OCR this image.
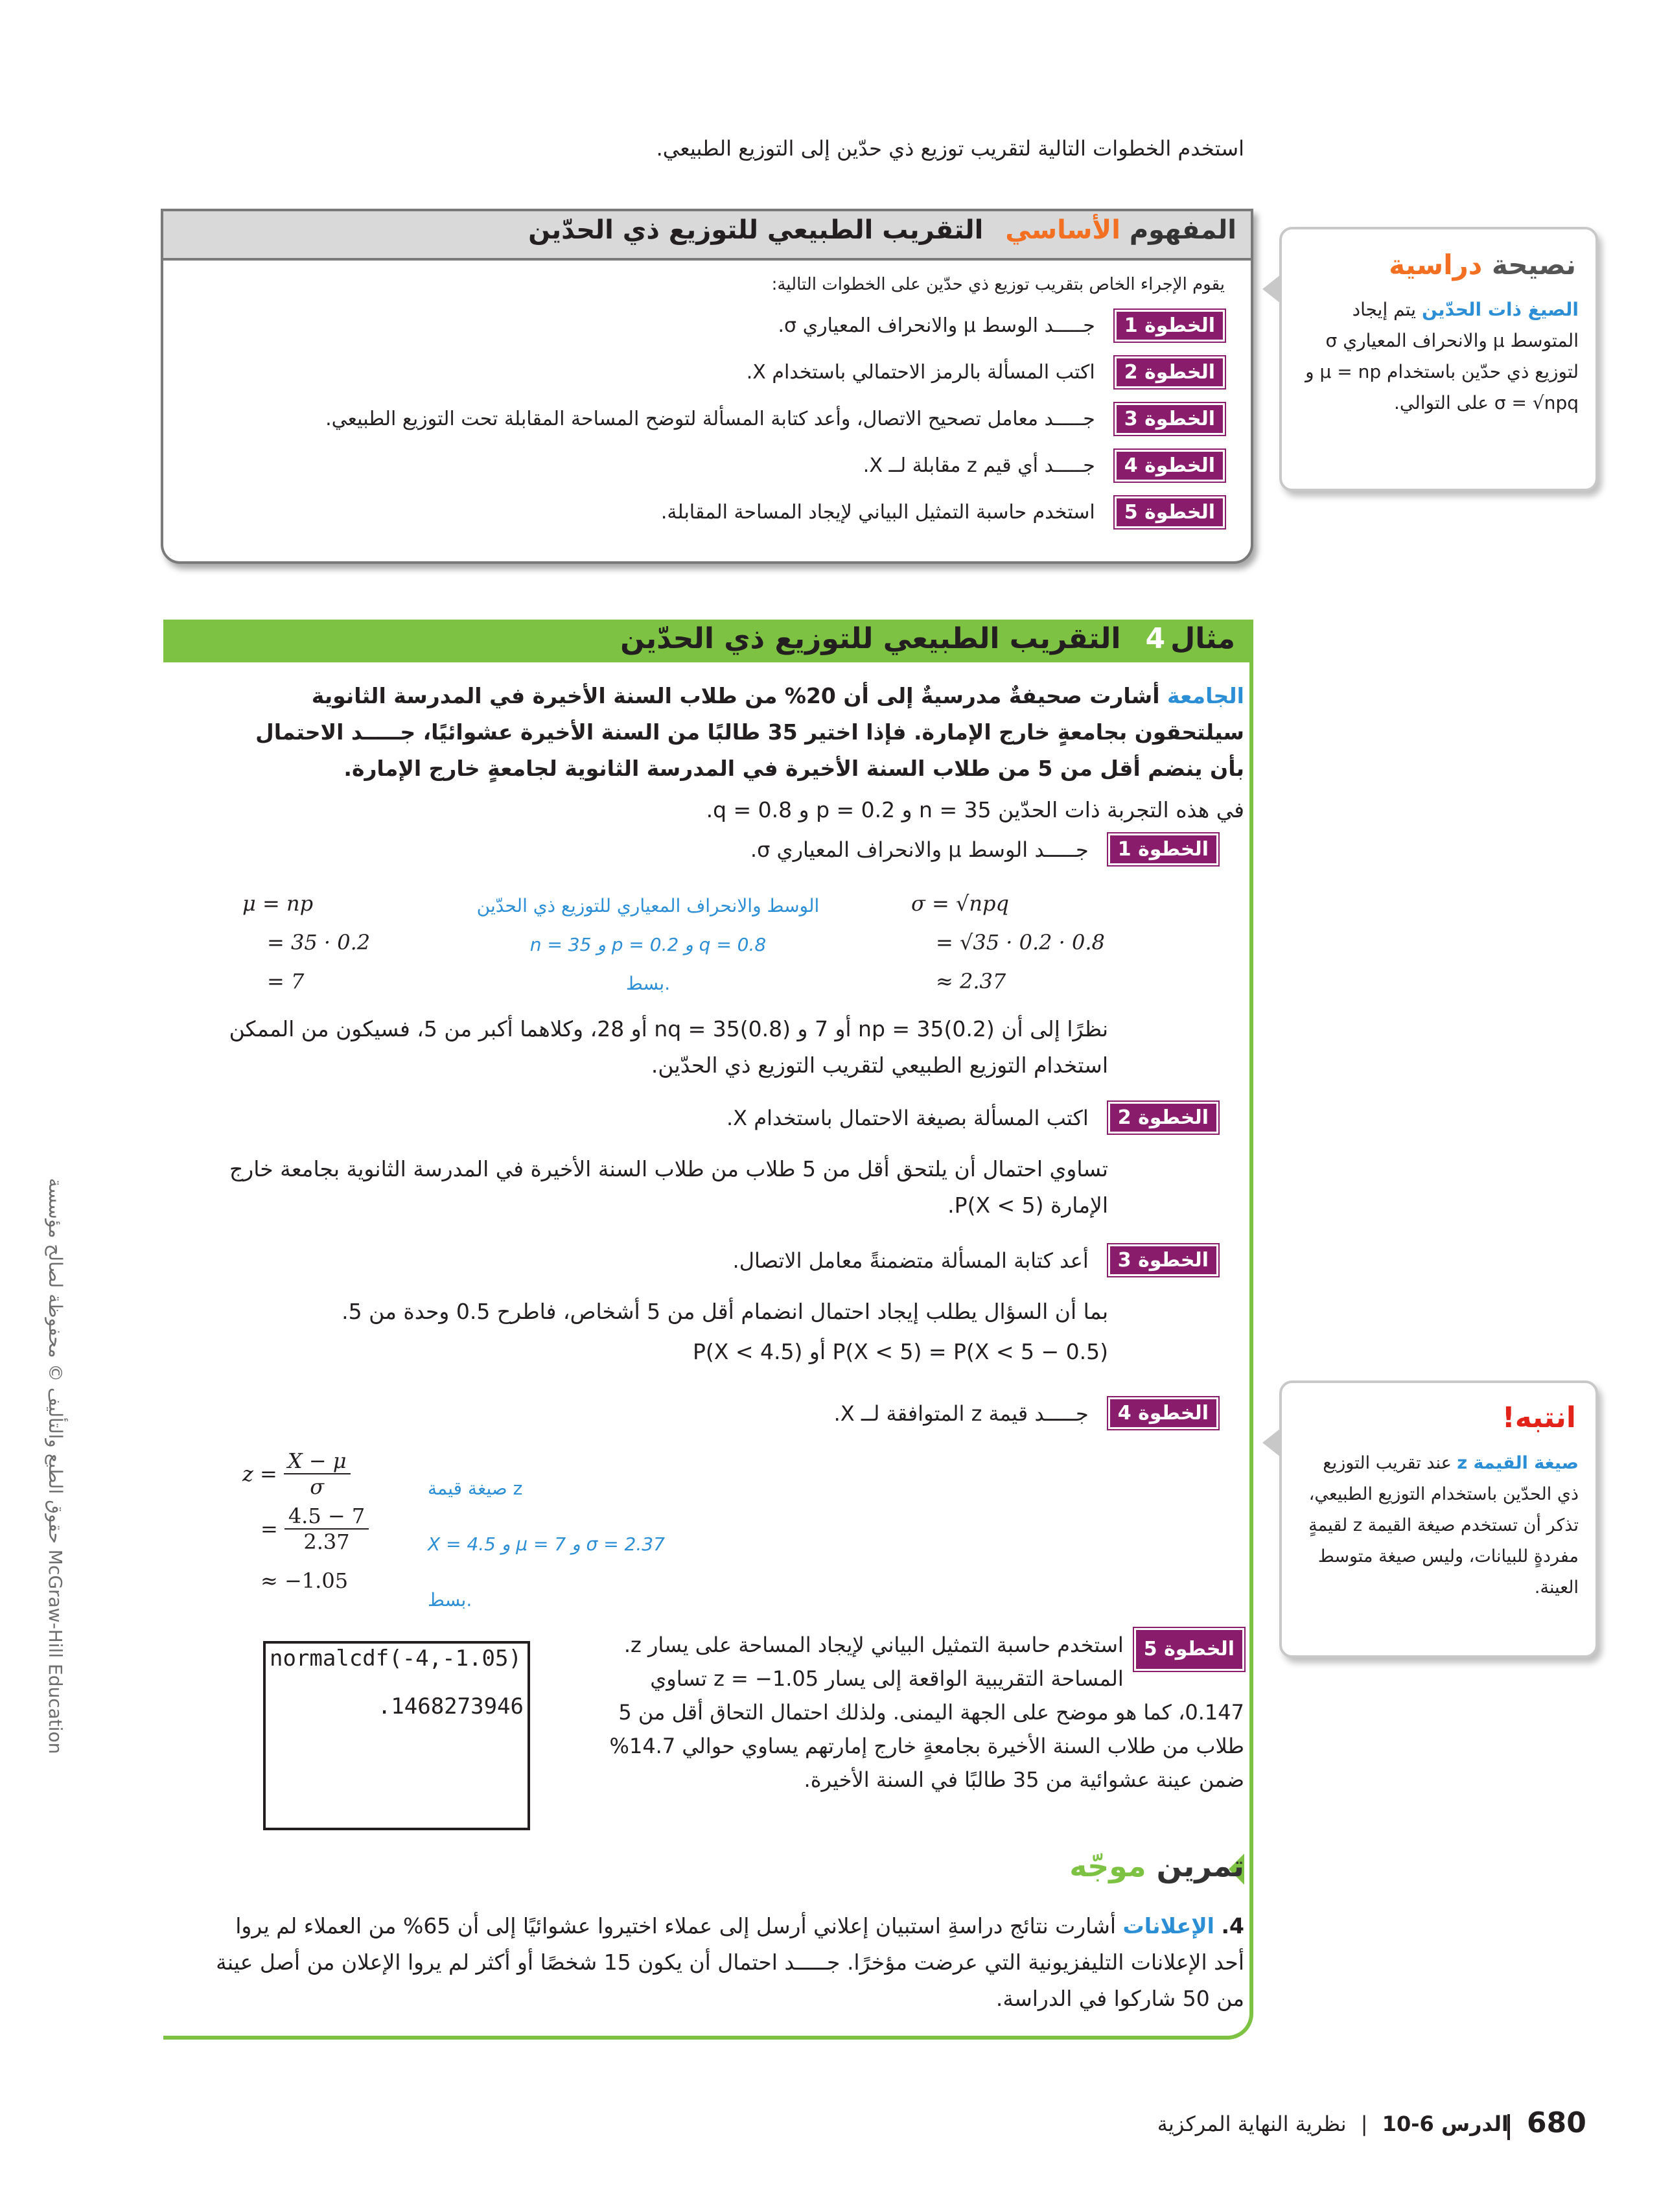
استخدم الخطوات التالية لتقريب توزيع ذي حدّين إلى التوزيع الطبيعي.
المفهوم الأساسي التقريب الطبيعي للتوزيع ذي الحدّين
يقوم الإجراء الخاص بتقريب توزيع ذي حدّين على الخطوات التالية:
الخطوة 1
جـــــد الوسط μ والانحراف المعياري σ.
الخطوة 2
اكتب المسألة بالرمز الاحتمالي باستخدام X.
الخطوة 3
جـــــد معامل تصحيح الاتصال، وأعد كتابة المسألة لتوضح المساحة المقابلة تحت التوزيع الطبيعي.
الخطوة 4
جـــــد أي قيم z مقابلة لــ X.
الخطوة 5
استخدم حاسبة التمثيل البياني لإيجاد المساحة المقابلة.
نصيحة دراسية
الصيغ ذات الحدّين يتم إيجاد المتوسط μ والانحراف المعياري σ لتوزيع ذي حدّين باستخدام μ = np و σ = √npq على التوالي.
مثال4التقريب الطبيعي للتوزيع ذي الحدّين
الجامعة أشارت صحيفةٌ مدرسيةٌ إلى أن 20% من طلاب السنة الأخيرة في المدرسة الثانوية سيلتحقون بجامعةٍ خارج الإمارة. فإذا اختير 35 طالبًا من السنة الأخيرة عشوائيًا، جـــــد الاحتمال بأن ينضم أقل من 5 من طلاب السنة الأخيرة في المدرسة الثانوية لجامعةٍ خارج الإمارة.
في هذه التجربة ذات الحدّين n = 35 و p = 0.2 و q = 0.8.
الخطوة 1
جـــــد الوسط μ والانحراف المعياري σ.
μ = np
= 35 · 0.2
= 7
الوسط والانحراف المعياري للتوزيع ذي الحدّين
n = 35 و p = 0.2 و q = 0.8
بسط.
σ = √npq
= √35 · 0.2 · 0.8
≈ 2.37
نظرًا إلى أن np = 35(0.2) أو 7 و nq = 35(0.8) أو 28، وكلاهما أكبر من 5، فسيكون من الممكن استخدام التوزيع الطبيعي لتقريب التوزيع ذي الحدّين.
الخطوة 2
اكتب المسألة بصيغة الاحتمال باستخدام X.
تساوي احتمال أن يلتحق أقل من 5 طلاب من طلاب السنة الأخيرة في المدرسة الثانوية بجامعة خارج الإمارة P(X < 5).
الخطوة 3
أعد كتابة المسألة متضمنةً معامل الاتصال.
بما أن السؤال يطلب إيجاد احتمال انضمام أقل من 5 أشخاص، فاطرح 0.5 وحدة من 5.
P(X < 5) = P(X < 5 − 0.5) أو P(X < 4.5)
الخطوة 4
جـــــد قيمة z المتوافقة لــ X.
$z = \frac{X - \mu}{\sigma}$
= $\frac{4.5 - 7}{2.37}$
≈ −1.05
صيغة قيمة z
X = 4.5 و μ = 7 و σ = 2.37
بسط.
الخطوة 5
استخدم حاسبة التمثيل البياني لإيجاد المساحة على يسار z. المساحة التقريبية الواقعة إلى يسار z = −1.05 تساوي 0.147، كما هو موضح على الجهة اليمنى. ولذلك احتمال التحاق أقل من 5 طلاب من طلاب السنة الأخيرة بجامعةٍ خارج إمارتهم يساوي حوالي 14.7% ضمن عينة عشوائية من 35 طالبًا في السنة الأخيرة.
normalcdf(-4,-1.05)
.1468273946
انتبه!
صيغة القيمة z عند تقريب التوزيع ذي الحدّين باستخدام التوزيع الطبيعي، تذكر أن تستخدم صيغة القيمة z لقيمةٍ مفردةٍ للبيانات، وليس صيغة متوسط العينة.
تمرين موجّه
4. الإعلانات أشارت نتائج دراسةِ استبيان إعلاني أرسل إلى عملاء اختيروا عشوائيًا إلى أن 65% من العملاء لم يروا أحد الإعلانات التليفزيونية التي عرضت مؤخرًا. جـــــد احتمال أن يكون 15 شخصًا أو أكثر لم يروا الإعلان من أصل عينة من 50 شاركوا في الدراسة.
680
الدرس 6-10 | نظرية النهاية المركزية
حقوق الطبع والتأليف © محفوظة لصالح مؤسسة McGraw-Hill Education
